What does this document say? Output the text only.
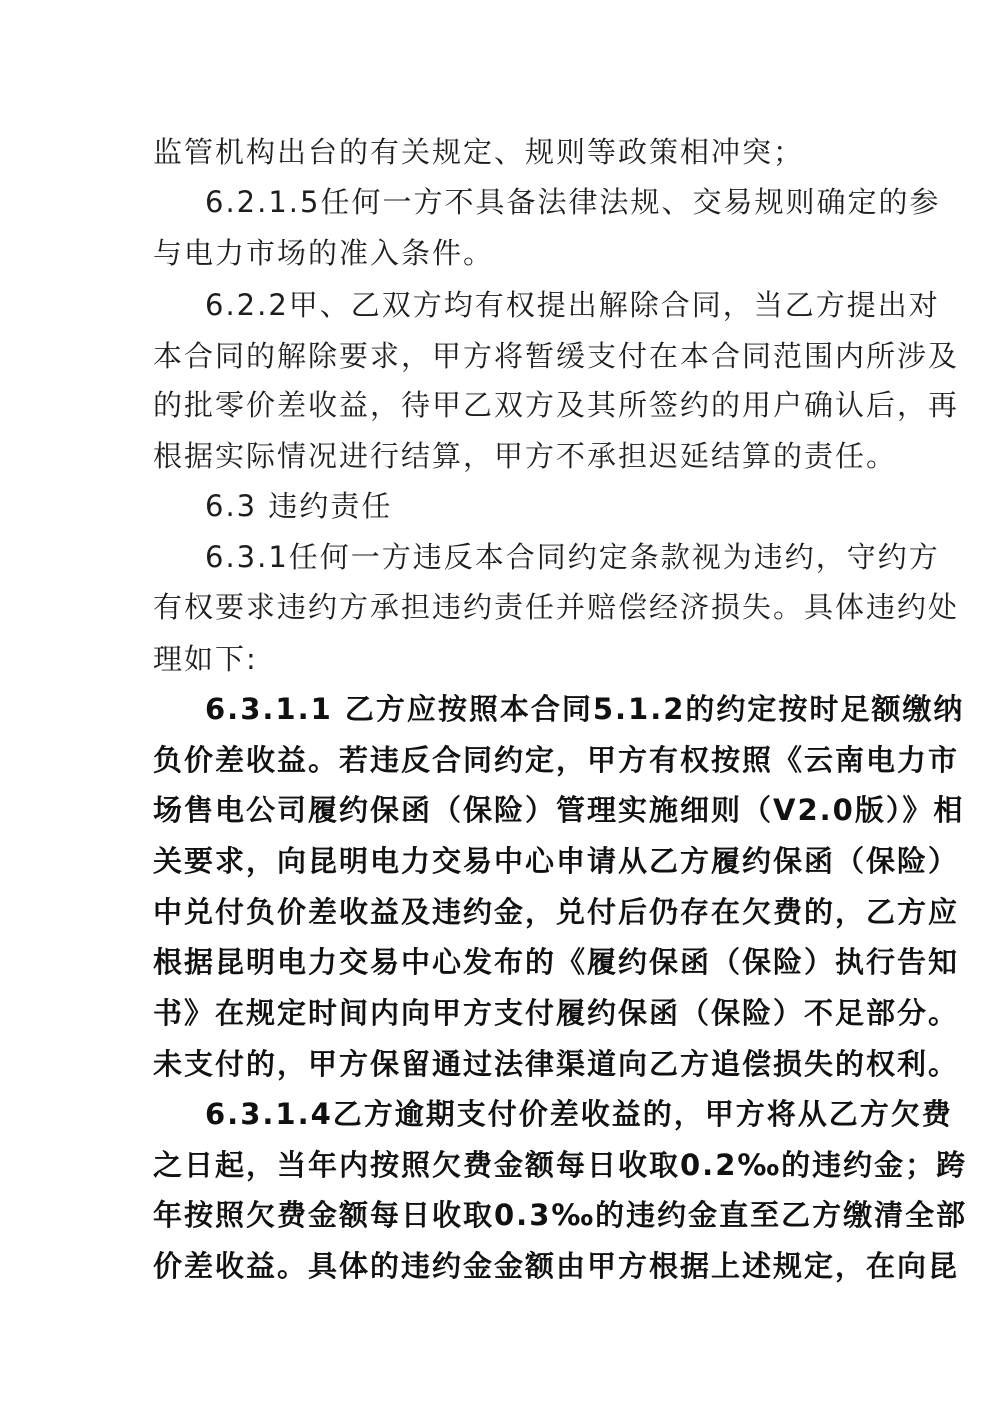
监管机构出台的有关规定、规则等政策相冲突；
6.2.1.5任何一方不具备法律法规、交易规则确定的参
与电力市场的准入条件。
6.2.2甲、乙双方均有权提出解除合同，当乙方提出对
本合同的解除要求，甲方将暂缓支付在本合同范围内所涉及
的批零价差收益，待甲乙双方及其所签约的用户确认后，再
根据实际情况进行结算，甲方不承担迟延结算的责任。
6.3 违约责任
6.3.1任何一方违反本合同约定条款视为违约，守约方
有权要求违约方承担违约责任并赔偿经济损失。具体违约处
理如下:
6.3.1.1 乙方应按照本合同5.1.2的约定按时足额缴纳
负价差收益。若违反合同约定，甲方有权按照《云南电力市
场售电公司履约保函（保险）管理实施细则（V2.0版）》相
关要求，向昆明电力交易中心申请从乙方履约保函（保险）
中兑付负价差收益及违约金，兑付后仍存在欠费的，乙方应
根据昆明电力交易中心发布的《履约保函（保险）执行告知
书》在规定时间内向甲方支付履约保函（保险）不足部分。
未支付的，甲方保留通过法律渠道向乙方追偿损失的权利。
6.3.1.4乙方逾期支付价差收益的，甲方将从乙方欠费
之日起，当年内按照欠费金额每日收取0.2‰的违约金；跨
年按照欠费金额每日收取0.3‰的违约金直至乙方缴清全部
价差收益。具体的违约金金额由甲方根据上述规定，在向昆
